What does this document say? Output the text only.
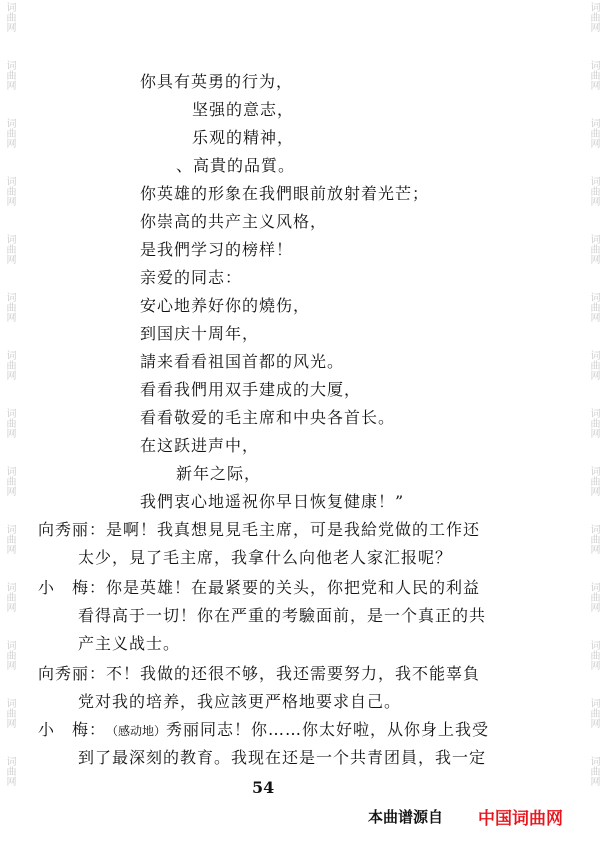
词曲网
词曲网
词曲网
词曲网
词曲网
词曲网
词曲网
词曲网
词曲网
词曲网
词曲网
词曲网
词曲网
词曲网
词曲网
词曲网
词曲网
词曲网
词曲网
词曲网
词曲网
词曲网
词曲网
词曲网
词曲网
词曲网
词曲网
词曲网
你具有英勇的行为，
坚强的意志，
乐观的精神，
、高貴的品質。
你英雄的形象在我們眼前放射着光芒；
你崇高的共产主义风格，
是我們学习的榜样！
亲爱的同志：
安心地养好你的燒伤，
到国庆十周年，
請来看看祖国首都的风光。
看看我們用双手建成的大厦，
看看敬爱的毛主席和中央各首长。
在这跃进声中，
新年之际，
我們衷心地遥祝你早日恢复健康！”
向秀丽：是啊！我真想見見毛主席，可是我給党做的工作还
太少，見了毛主席，我拿什么向他老人家汇报呢？
小　梅：你是英雄！在最紧要的关头，你把党和人民的利益
看得高于一切！你在严重的考驗面前，是一个真正的共
产主义战士。
向秀丽：不！我做的还很不够，我还需要努力，我不能辜負
党对我的培养，我应該更严格地要求自己。
小　梅：（感动地）秀丽同志！你……你太好啦，从你身上我受
到了最深刻的教育。我现在还是一个共青团員，我一定
54
本曲谱源自 中国词曲网
